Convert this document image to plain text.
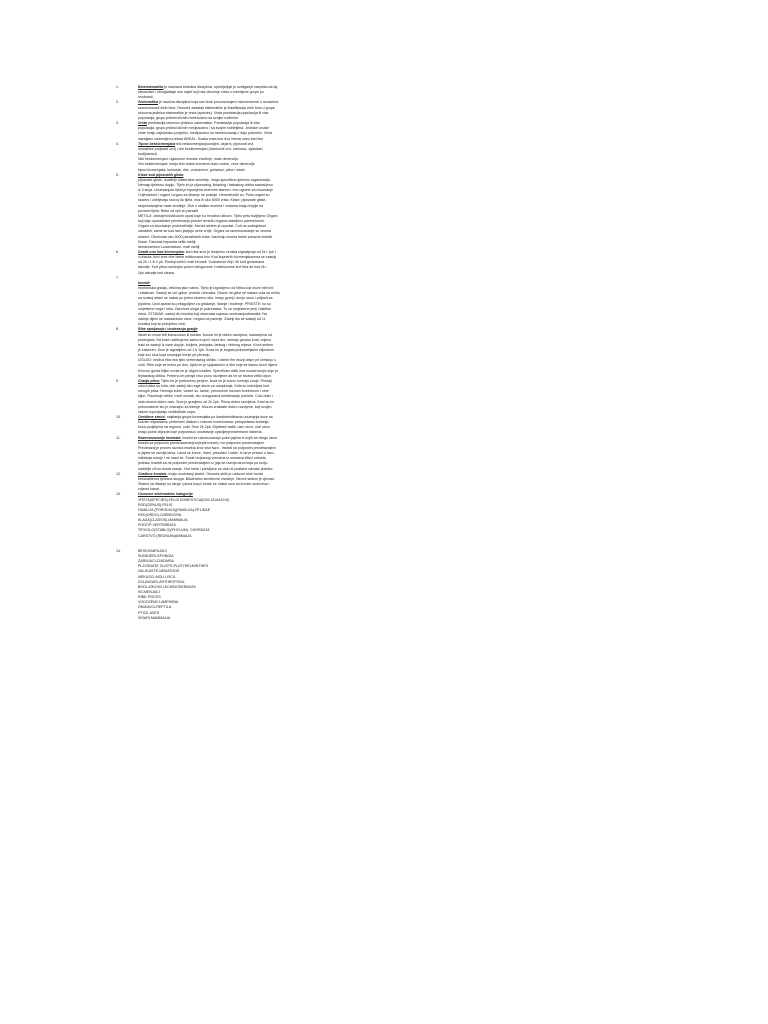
1.	Biosistematika je naučana biološka disciplina, opredjeljuje je sveligaeje csepeka da taj

rabosvisni i otnogiatsaje sve svijet koji nas okružuje vrsta u odredjene grupe po

srodnosti.

2.	Sistematika je naučna disciplina koja sve biosi prouzavanjem raznovrsnosti u oznacima

raznovrsnosti živih bića. Osnovni zadatak sistematike je klasifikacija živih bića u grupe .

osnovna jedinica sistematike je vrsta (species). Vrsta predstavlja populacija ili vise

populacija, grupu jedinki sličnih međusobno sa svojim rodičnim.

3.	Vrsta predstavlja osnovnu jedinicu sistematike. Predstavlja populacija ili vise

populacija, grupu jedinki sličnih medjusobno i sa svojim roditeljima. Jedinke unutar

vrste imaju zajednicko porijeklo, medjusobno se razmnozavaju i daju potomke. Vrsta

nazaljavo zalmedjenu oblast AREAL. Svaka vrsta ima dva imena uoeo karl line

4.	Tipovi beskicmenjaka:nisi beskicmenjaci(sundjeri, zirjarni, pljosnati crvi,

nematime,zarjbacti crvi) i visi beskicmenjaci (clankoviti crvi, mekusci, zglavkari,

bodljokosci)

Nizi beskicmenjaci: uglavnom morske zivotinje, male dimenzije.

Visi beskicmenjaci: imaju telo dosta vremena duze vodne, vece dimenzije

tipovi kicmenjaka: kolouste, ribe, vodozemci, gmizavci, ptice i sisari.

5.	Klase kod pljosnatih glista

pljosnate gliste- izvalthje bilateralne simetrije, imaju specifičnu tjelesnu organizaciju.

Nemaju tjelesnu duplju, Tijelo im je pljosnatog, listastog i trakastog oblika sastavljeno

iz 3 sloja. Unutrasnjost tijela je ispunjena vezivnim tkanom. Imo ugrane za izlucivanje

Crijevaktom i organi i organi za disanje ne postoje. Hermafroditi su. Polni organi su

slozeni i zahtjevaju razvoj do tijela. Ima ih oko 5000 vrsta. Klase: pljosnate gliste-

razpriostanjene male zivotinje. Zive u slatkim morima i vodama imaju trepije na

povrsini tijela. Neke od njih su paraziti

METILJI: obavijeni kutikulom oposi koje su mnoima ulikovo. Tijelo peta isvijtljeno Organi

koji daju spustalnimi prirnirivanja prostor između organa naseljeno parenhimom.

Organi za izlucivanje protonefridije. Nervni sistem je urpcast. Cuti ne postojeksol

udnadrži, same se kod larvi javljaju oene vrrije. Organi za razmnozavanje su veoma

slozeni. Obuhvata oko 3000 parazitskih vrsta. Izazivaju veoma teske zarazne bolesti

Klase: Fasciola hepacita veliki metilj

dendroselium Louceolatum- mali metilj

6.	Građa ono kod kicmenjaka: kod riba srce je trodjelno venska izgradjenja od 1k i 1pk i

v.ohsuta. krici srce ribe biese mikikovana kriv. Kod kopnenih kicmenjakaonca se sastoji

od 2k i 1 ili 2 pk. Postoji veliki i mali krvotok. Vodozemci žirji i 3k kod gmizavaca

takodje. Kod ptica rozdvojen pulevi okisgovane i mekisovane krvi tela da ima 2k i

2pk takodje kod sisara.

7.

Insekti:

morfoloska gradja- veličina jako varira. Tijelo je izgradjeno od hitina koji može biti tvrd

i elastican. Sastoji se od: glave, prsista i zbrnaka. Glava: na glavi se nalaze oula za mirisi,

na svakoj strani se nalazi po jedno slozeno oko, imaju gornji i donju usnu i celjusti sa

pipcima. Usni aparat su prilagodjeni za grickanje, lizanje i bodenje. PRSISTE: ku su

smjestene noge i krila. Osnovna uloga je pokretacka. Tu su smjestene jesti i taktilne

misci. STOMAK: zadnji dio insekta koji obuhvata najvecu unutrasnjostinsekta. Na

zadnje dijelu se nalazaniske otvor i organi za parenje. Zadnji dio se sastoji od 11

kolutica koji su primjetno vrsti.

8.	Ribe spoljasnja i unutrasnja gradja

ilanet im mozе biti kolosvosan ili kostan. Kosna im je dobro razvijena, sastavljena od

prslenjava. Na koze razlikujemo samo trupni i repni dio, nemaju gruduu kost, crijevo

traki se sastoji iz usne duplje, ždrijela, jednjaka, tankog i zbirnog crijeva. Krvni sistem

je zatvoren. Srce je izgradjeno od 1 k 1pk. Koza im je bogata jednocelijskim zlijezdom

koje luci sluz koja smanjuje trenje pri plivanju.

IZGLED: veciica riba ima tjelo vretenastog oblika. I ostrim fim mozji oblpn pri kretanju u

vodi. Ribe koje se krecu po dnu, tijelo im je spljostenko a ribe koje se kannu krozi dijene

ili krozu gusta biljke zovlai im je izlged izrađen. Specifican oblik ima morski konjic koje je

leptacstog oblika. Prebrno im peraje nisu puno razvijene da im se stvara veliki otpor.

9.	Gradja ptica: Tijelo im je prekriveno perjem, koza im je suva i nemaju znoje. Predaji

udovi ptica su krila, dok zadnji dio noge sluze za odupiranje. Krila su izdvirljela kod

mnogih ptica. Nemaju zube, vedee su, tanke, prevucene roznom tvorevinom i cine

kljun. Razdnoje velike i nvrli mozak, sto omogucava kombinaciju pokreta. Culo dulio i

vida veoma dobro razv. Srce je gradjeno od 2k 2pk. Pluca dobro razvijena. Kost su im

pneumaticne sto je znacajno za letenje. Mocno zrakaste dobro razvijene, koji svojim

radom ispunjavaju vedikolikde zupa.

10.	Oreiđene struni: najstarija grupa kicmenjaka po karakteristikama unutrajnja koze sa

kosnim zlijezdama, prekriveni dlakom i roznom tvorevinama, petoprstasto kretanje,

koza podjeljena na regione, zubi. Srce 2k 2pk. Dijaframi traktl, usni otvor, oral otvor.

Imaju polne zlijezde koje pofpomazu unutrasnje oplodjenjemdemtorni sistema.

11.	Razmnozavanje insekata. insekti se razmnozavaju polno jajima iz kojih se izlegu larve.

Insekti sa potpunim preobrazavanjem(leptiri,muve) i ne potpunim preobrazajem.

Preobrazaj je proces razvica insekta kroz vise faza . Insekti sa potpunim preobrazajem

iz jajeta se razvija larva. Larva se krece, hrani, presvlaci i raste. Iz larve prelazi u fazu

lutkekoja miruje i ne hrani se. Posle izvjesnog vremena iz omotaca kiluci odrasla

jedinka. Insekti sa ne potpunim preobrazajem iz jaja se razvija larva koja po svoju

nadilelje vili su dosta manje. Ove tekla i prelvljace se dok ne postane odrasle jedinke.

12.	Građene kordate. imaju unutrasnji skelet. Osnovni oblik je uzduzni stub horda

bekarakterna tjelesna skupja. Bilateralno simetricne zivotinje. Nervni sistem je cjevast.

Sistem za disanje su skrge i pluca kopol horde se nalazi srce sa krvnim sudovima i

crijevni kanal.

13.	Osnovne sistematske kategorije

VRSTA(SPECIES)-FELIS DOMESTICA(DIVLJA MACKA)

ROD(GENUS)-FELIS

FAMILIJA (PORODICA)(FAMILIJA)-FELIDAE

RED(ORDO)-CARNIVORA

KLASA(CLASSIS)-MAMMALIA

PODTIP-VERTEBRATA

TIP,KOLO(STABLO)(PHYLUM)- CHORDATA

CARSTVO (REGNUM)ANIMALIA

14.	BESKICMENJACI

SUNDJERI-SPONGIA

ZARNJACI-CNIDARIA

PLJOSNATE GLISTE-PLATYHELMINTHES

VALJKASTE-NEMATODE

MEKUSCI-MOLLUSCA

ZGLAVKARI-ARTHROPODA

BODLJOKOSCI-ECHINODERMATA

KICMENJACI

RIBE-PISCES

VODOZEMCI-AMPHIBIA

GMIZAVCI-REPTILA

PTICE-AVES

SISARI-MAMMALIA
